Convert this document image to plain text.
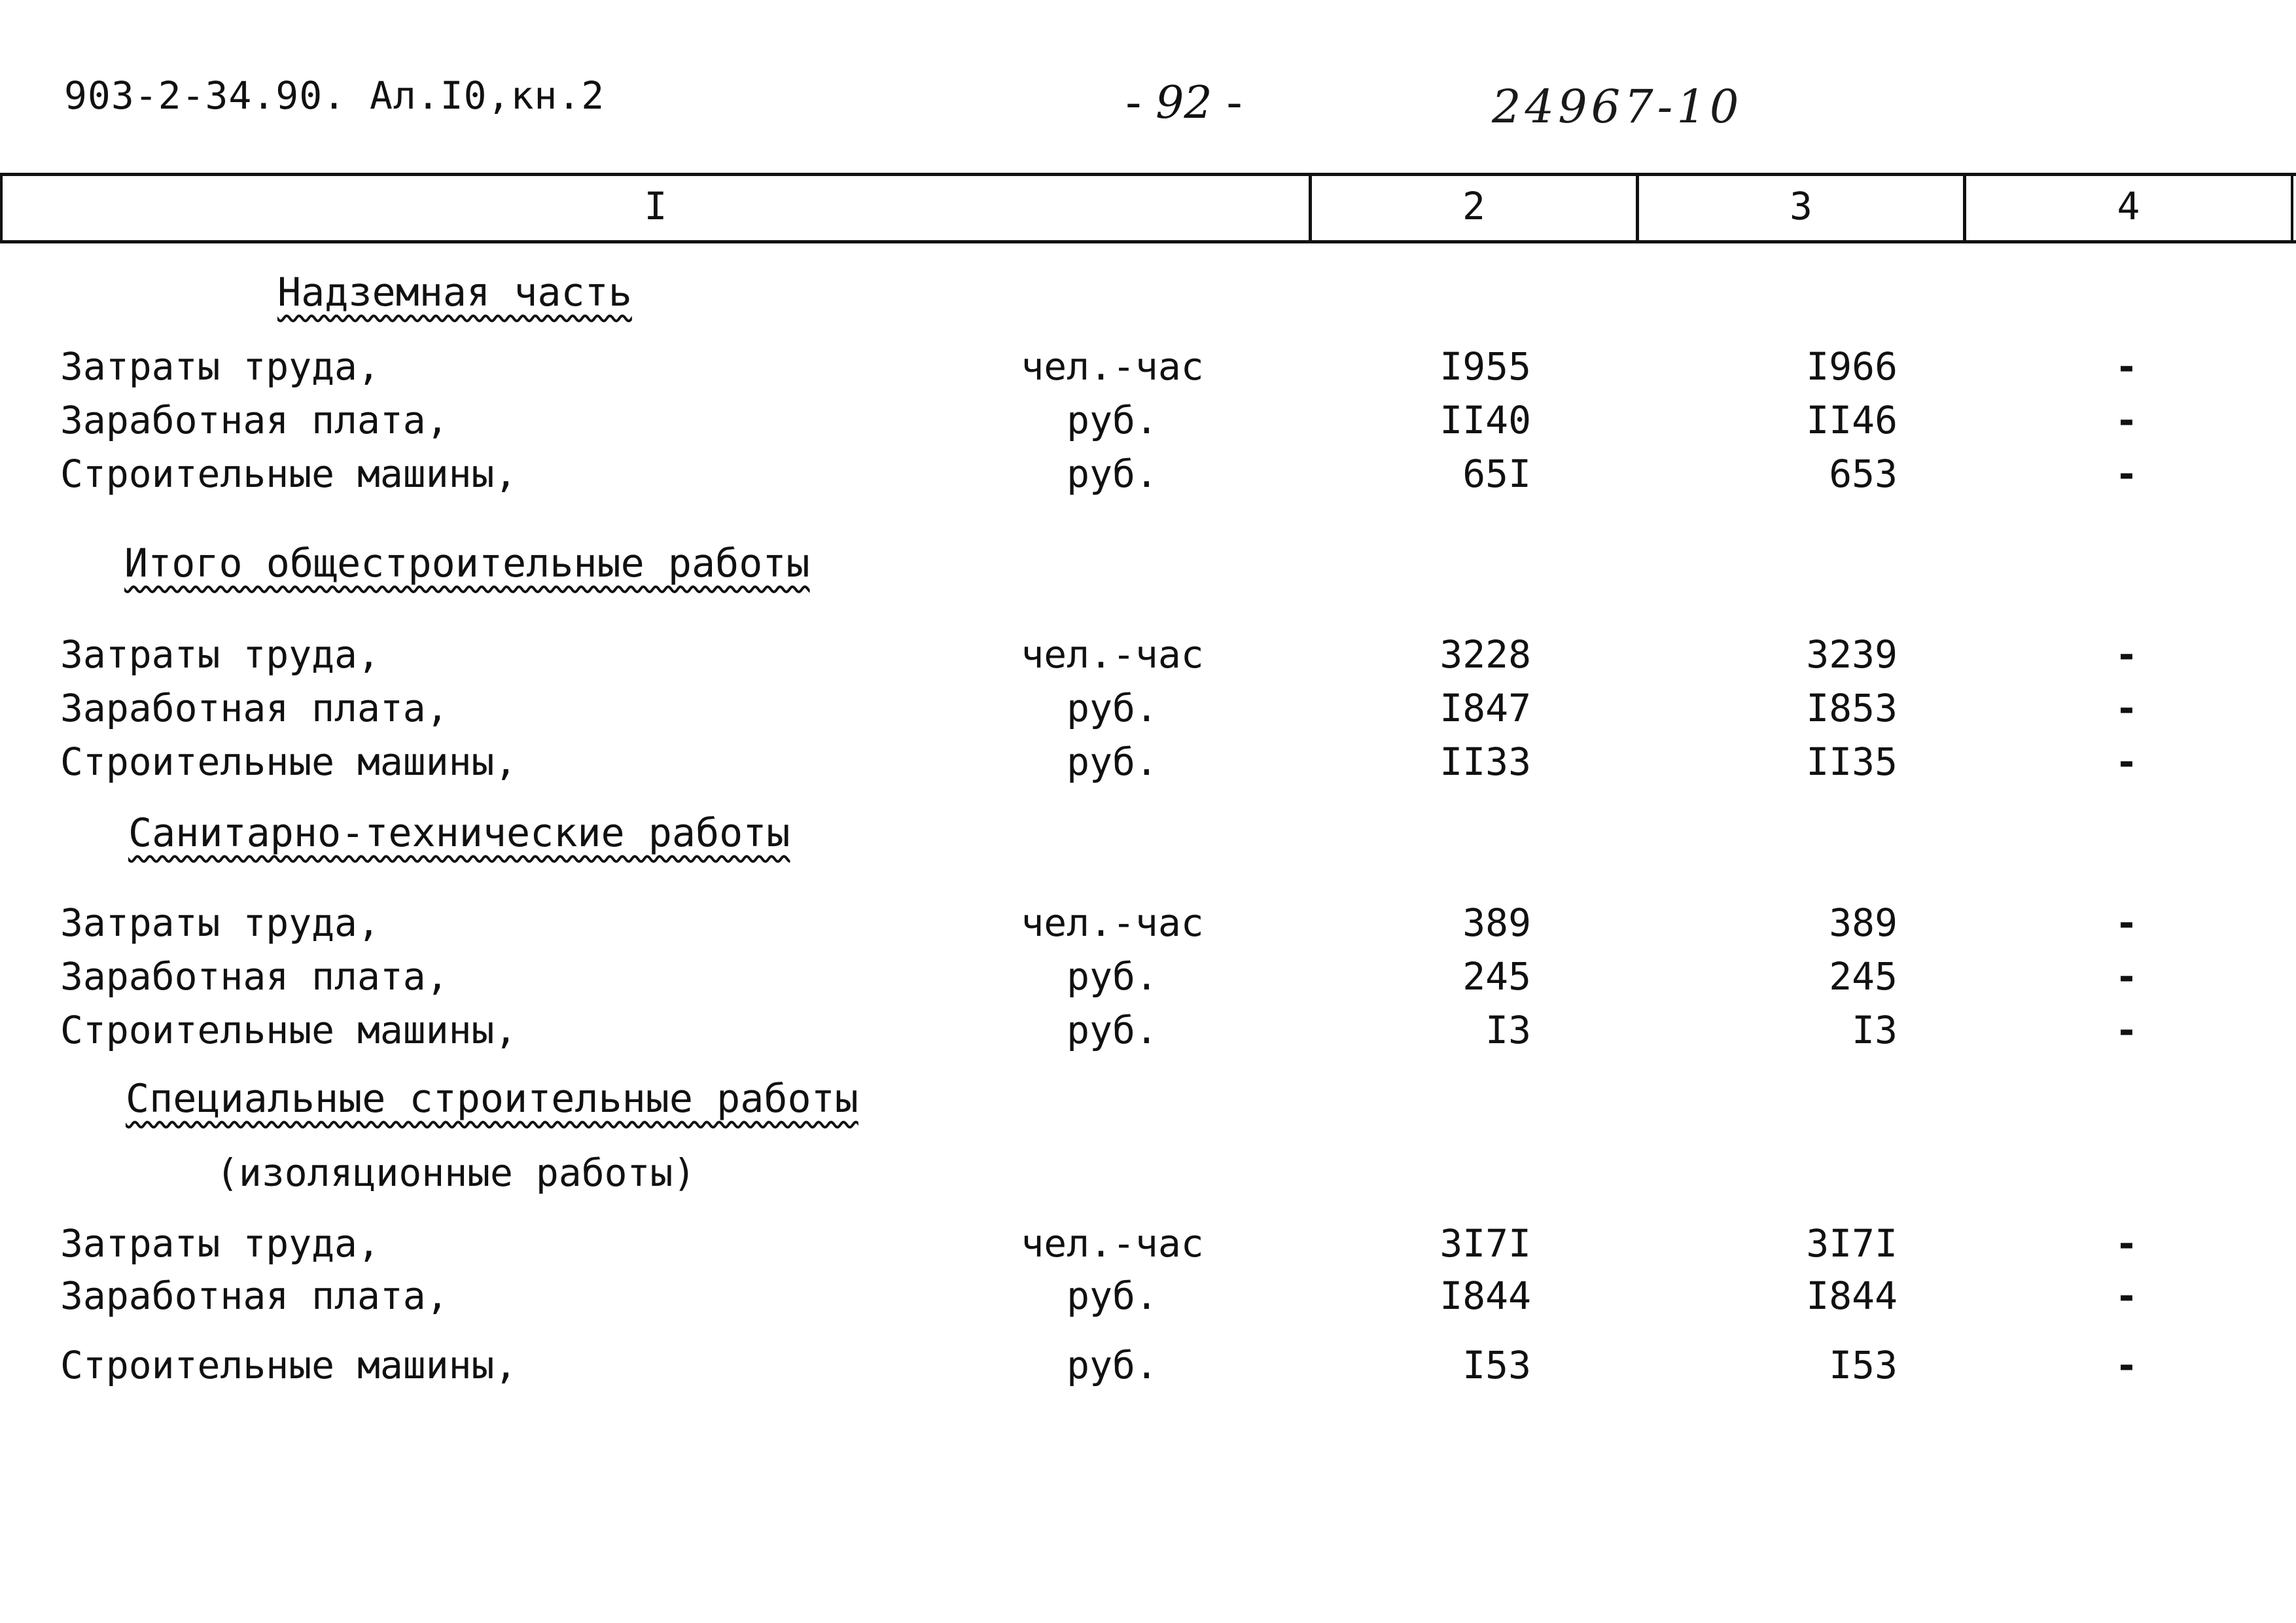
903-2-34.90. Ал.I0,кн.2	- 92 -	24967-10
I	2	3	4
Надземная часть
Затраты труда,	чел.-час	I955	I966	-
Заработная плата,	руб.	II40	II46	-
Строительные машины,	руб.	65I	653	-
Итого общестроительные работы
Затраты труда,	чел.-час	3228	3239	-
Заработная плата,	руб.	I847	I853	-
Строительные машины,	руб.	II33	II35	-
Санитарно-технические работы
Затраты труда,	чел.-час	389	389	-
Заработная плата,	руб.	245	245	-
Строительные машины,	руб.	I3	I3	-
Специальные строительные работы
(изоляционные работы)
Затраты труда,	чел.-час	3I7I	3I7I	-
Заработная плата,	руб.	I844	I844	-
Строительные машины,	руб.	I53	I53	-
